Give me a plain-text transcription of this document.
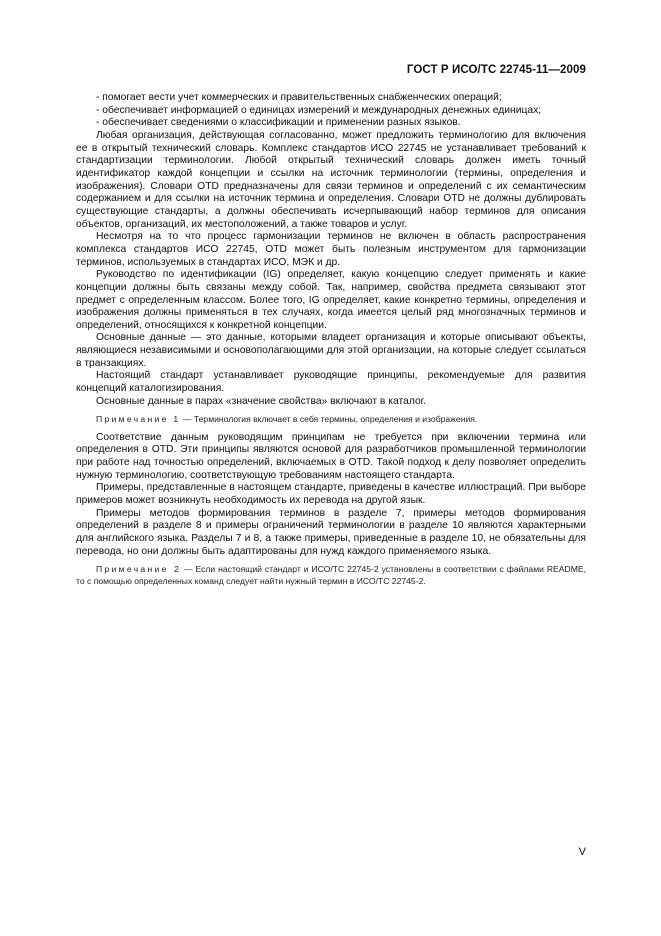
ГОСТ Р ИСО/ТС 22745-11—2009

- помогает вести учет коммерческих и правительственных снабженческих операций;

- обеспечивает информацией о единицах измерений и международных денежных единицах;

- обеспечивает сведениями о классификации и применении разных языков.

Любая организация, действующая согласованно, может предложить терминологию для включения ее в открытый технический словарь. Комплекс стандартов ИСО 22745 не устанавливает требований к стандартизации терминологии. Любой открытый технический словарь должен иметь точный идентификатор каждой концепции и ссылки на источник терминологии (термины, определения и изображения). Словари OTD предназначены для связи терминов и определений с их семантическим содержанием и для ссылки на источник термина и определения. Словари OTD не должны дублировать существующие стандарты, а должны обеспечивать исчерпывающий набор терминов для описания объектов, организаций, их местоположений, а также товаров и услуг.

Несмотря на то что процесс гармонизации терминов не включен в область распространения комплекса стандартов ИСО 22745, OTD может быть полезным инструментом для гармонизации терминов, используемых в стандартах ИСО, МЭК и др.

Руководство по идентификации (IG) определяет, какую концепцию следует применять и какие концепции должны быть связаны между собой. Так, например, свойства предмета связывают этот предмет с определенным классом. Более того, IG определяет, какие конкретно термины, определения и изображения должны применяться в тех случаях, когда имеется целый ряд многозначных терминов и определений, относящихся к конкретной концепции.

Основные данные — это данные, которыми владеет организация и которые описывают объекты, являющиеся независимыми и основополагающими для этой организации, на которые следует ссылаться в транзакциях.

Настоящий стандарт устанавливает руководящие принципы, рекомендуемые для развития концепций каталогизирования.

Основные данные в парах «значение свойства» включают в каталог.

Примечание 1 — Терминология включает в себя термины, определения и изображения.

Соответствие данным руководящим принципам не требуется при включении термина или определения в OTD. Эти принципы являются основой для разработчиков промышленной терминологии при работе над точностью определений, включаемых в OTD. Такой подход к делу позволяет определить нужную терминологию, соответствующую требованиям настоящего стандарта.

Примеры, представленные в настоящем стандарте, приведены в качестве иллюстраций. При выборе примеров может возникнуть необходимость их перевода на другой язык.

Примеры методов формирования терминов в разделе 7, примеры методов формирования определений в разделе 8 и примеры ограничений терминологии в разделе 10 являются характерными для английского языка. Разделы 7 и 8, а также примеры, приведенные в разделе 10, не обязательны для перевода, но они должны быть адаптированы для нужд каждого применяемого языка.

Примечание 2 — Если настоящий стандарт и ИСО/ТС 22745-2 установлены в соответствии с файлами README, то с помощью определенных команд следует найти нужный термин в ИСО/ТС 22745-2.

V
